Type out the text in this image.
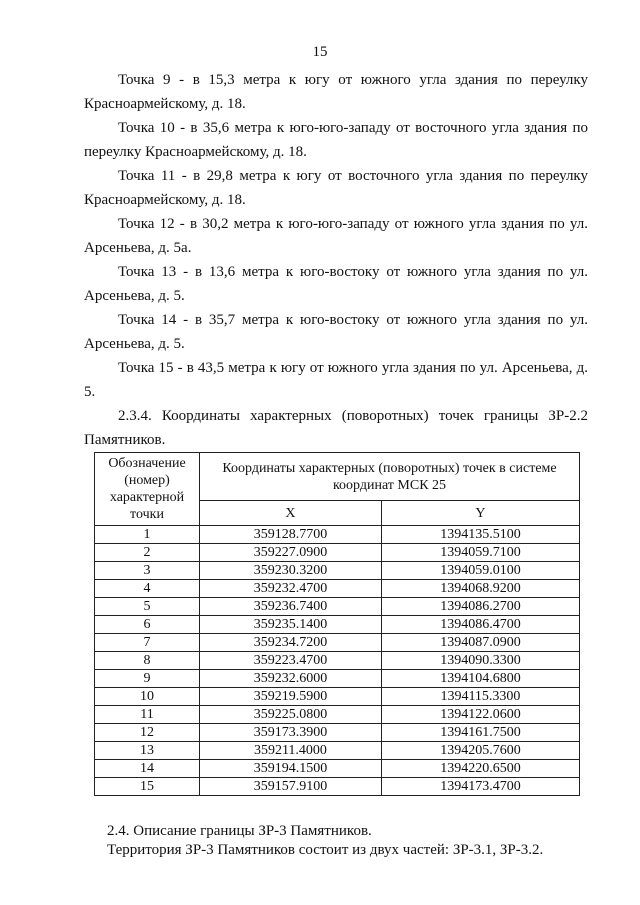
15

Точка 9 - в 15,3 метра к югу от южного угла здания по переулку Красноармейскому, д. 18.

Точка 10 - в 35,6 метра к юго-юго-западу от восточного угла здания по переулку Красноармейскому, д. 18.

Точка 11 - в 29,8 метра к югу от восточного угла здания по переулку Красноармейскому, д. 18.

Точка 12 - в 30,2 метра к юго-юго-западу от южного угла здания по ул. Арсеньева, д. 5а.

Точка 13 - в 13,6 метра к юго-востоку от южного угла здания по ул. Арсеньева, д. 5.

Точка 14 - в 35,7 метра к юго-востоку от южного угла здания по ул. Арсеньева, д. 5.

Точка 15 - в 43,5 метра к югу от южного угла здания по ул. Арсеньева, д. 5.

2.3.4. Координаты характерных (поворотных) точек границы ЗР-2.2 Памятников.

Обозначение (номер) характерной точки	Координаты характерных (поворотных) точек в системе координат МСК 25	
	X	Y
1	359128.7700	1394135.5100
2	359227.0900	1394059.7100
3	359230.3200	1394059.0100
4	359232.4700	1394068.9200
5	359236.7400	1394086.2700
6	359235.1400	1394086.4700
7	359234.7200	1394087.0900
8	359223.4700	1394090.3300
9	359232.6000	1394104.6800
10	359219.5900	1394115.3300
11	359225.0800	1394122.0600
12	359173.3900	1394161.7500
13	359211.4000	1394205.7600
14	359194.1500	1394220.6500
15	359157.9100	1394173.4700

2.4. Описание границы ЗР-3 Памятников.

Территория ЗР-3 Памятников состоит из двух частей: ЗР-3.1, ЗР-3.2.
